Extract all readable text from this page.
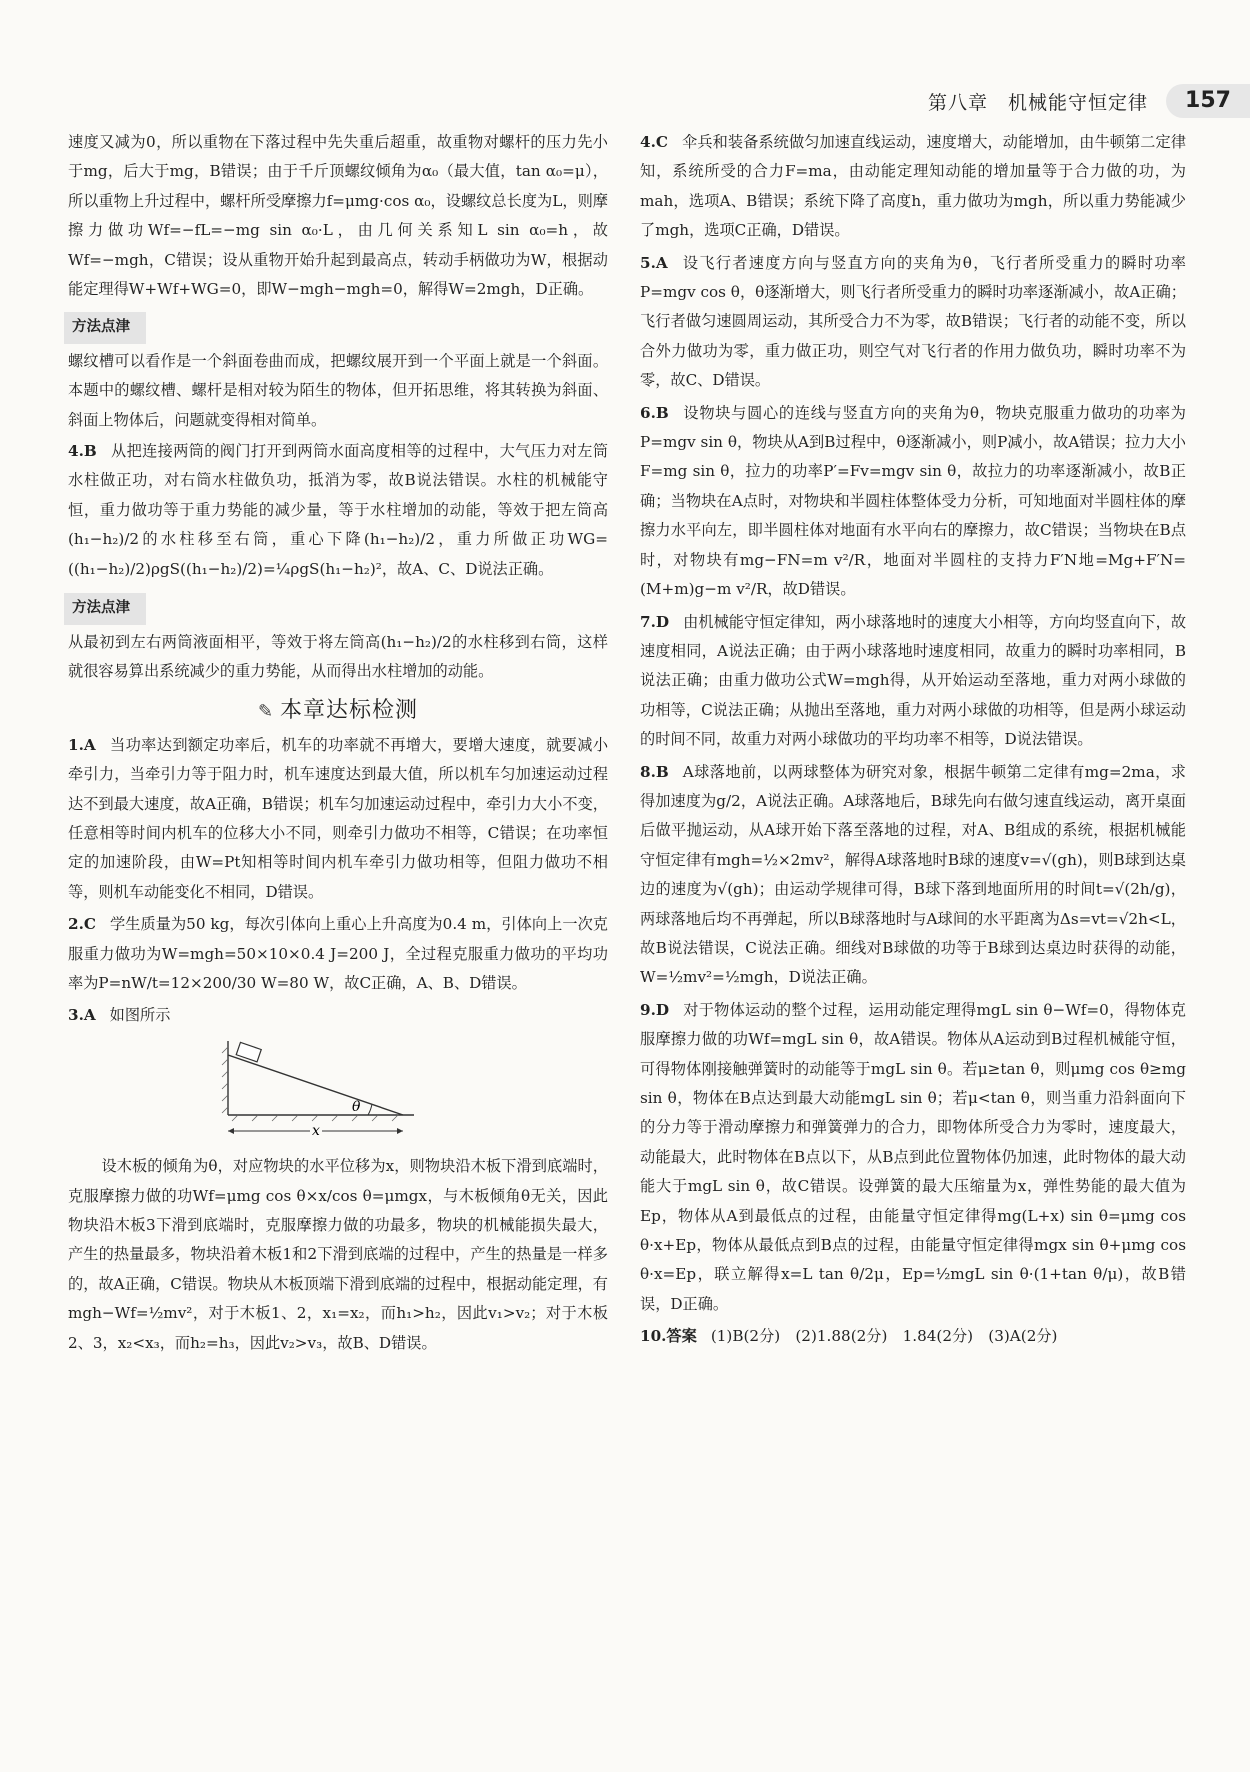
第八章　机械能守恒定律	157

速度又减为0，所以重物在下落过程中先失重后超重，故重物对螺杆的压力先小于mg，后大于mg，B错误；由于千斤顶螺纹倾角为α₀（最大值，tan α₀=μ），所以重物上升过程中，螺杆所受摩擦力f=μmg·cos α₀，设螺纹总长度为L，则摩擦力做功Wf=−fL=−mg sin α₀·L，由几何关系知L sin α₀=h，故Wf=−mgh，C错误；设从重物开始升起到最高点，转动手柄做功为W，根据动能定理得W+Wf+WG=0，即W−mgh−mgh=0，解得W=2mgh，D正确。

方法点津

螺纹槽可以看作是一个斜面卷曲而成，把螺纹展开到一个平面上就是一个斜面。本题中的螺纹槽、螺杆是相对较为陌生的物体，但开拓思维，将其转换为斜面、斜面上物体后，问题就变得相对简单。

4.B 从把连接两筒的阀门打开到两筒水面高度相等的过程中，大气压力对左筒水柱做正功，对右筒水柱做负功，抵消为零，故B说法错误。水柱的机械能守恒，重力做功等于重力势能的减少量，等于水柱增加的动能，等效于把左筒高(h₁−h₂)/2的水柱移至右筒，重心下降(h₁−h₂)/2，重力所做正功WG=((h₁−h₂)/2)ρgS((h₁−h₂)/2)=¼ρgS(h₁−h₂)²，故A、C、D说法正确。

方法点津

从最初到左右两筒液面相平，等效于将左筒高(h₁−h₂)/2的水柱移到右筒，这样就很容易算出系统减少的重力势能，从而得出水柱增加的动能。

✎ 本章达标检测

1.A 当功率达到额定功率后，机车的功率就不再增大，要增大速度，就要减小牵引力，当牵引力等于阻力时，机车速度达到最大值，所以机车匀加速运动过程达不到最大速度，故A正确，B错误；机车匀加速运动过程中，牵引力大小不变，任意相等时间内机车的位移大小不同，则牵引力做功不相等，C错误；在功率恒定的加速阶段，由W=Pt知相等时间内机车牵引力做功相等，但阻力做功不相等，则机车动能变化不相同，D错误。

2.C 学生质量为50 kg，每次引体向上重心上升高度为0.4 m，引体向上一次克服重力做功为W=mgh=50×10×0.4 J=200 J，全过程克服重力做功的平均功率为P=nW/t=12×200/30 W=80 W，故C正确，A、B、D错误。

3.A 如图所示

θ
x

设木板的倾角为θ，对应物块的水平位移为x，则物块沿木板下滑到底端时，克服摩擦力做的功Wf=μmg cos θ×x/cos θ=μmgx，与木板倾角θ无关，因此物块沿木板3下滑到底端时，克服摩擦力做的功最多，物块的机械能损失最大，产生的热量最多，物块沿着木板1和2下滑到底端的过程中，产生的热量是一样多的，故A正确，C错误。物块从木板顶端下滑到底端的过程中，根据动能定理，有mgh−Wf=½mv²，对于木板1、2，x₁=x₂，而h₁>h₂，因此v₁>v₂；对于木板2、3，x₂<x₃，而h₂=h₃，因此v₂>v₃，故B、D错误。

4.C 伞兵和装备系统做匀加速直线运动，速度增大，动能增加，由牛顿第二定律知，系统所受的合力F=ma，由动能定理知动能的增加量等于合力做的功，为mah，选项A、B错误；系统下降了高度h，重力做功为mgh，所以重力势能减少了mgh，选项C正确，D错误。

5.A 设飞行者速度方向与竖直方向的夹角为θ，飞行者所受重力的瞬时功率P=mgv cos θ，θ逐渐增大，则飞行者所受重力的瞬时功率逐渐减小，故A正确；飞行者做匀速圆周运动，其所受合力不为零，故B错误；飞行者的动能不变，所以合外力做功为零，重力做正功，则空气对飞行者的作用力做负功，瞬时功率不为零，故C、D错误。

6.B 设物块与圆心的连线与竖直方向的夹角为θ，物块克服重力做功的功率为P=mgv sin θ，物块从A到B过程中，θ逐渐减小，则P减小，故A错误；拉力大小F=mg sin θ，拉力的功率P′=Fv=mgv sin θ，故拉力的功率逐渐减小，故B正确；当物块在A点时，对物块和半圆柱体整体受力分析，可知地面对半圆柱体的摩擦力水平向左，即半圆柱体对地面有水平向右的摩擦力，故C错误；当物块在B点时，对物块有mg−FN=m v²/R，地面对半圆柱的支持力F′N地=Mg+F′N=(M+m)g−m v²/R，故D错误。

7.D 由机械能守恒定律知，两小球落地时的速度大小相等，方向均竖直向下，故速度相同，A说法正确；由于两小球落地时速度相同，故重力的瞬时功率相同，B说法正确；由重力做功公式W=mgh得，从开始运动至落地，重力对两小球做的功相等，C说法正确；从抛出至落地，重力对两小球做的功相等，但是两小球运动的时间不同，故重力对两小球做功的平均功率不相等，D说法错误。

8.B A球落地前，以两球整体为研究对象，根据牛顿第二定律有mg=2ma，求得加速度为g/2，A说法正确。A球落地后，B球先向右做匀速直线运动，离开桌面后做平抛运动，从A球开始下落至落地的过程，对A、B组成的系统，根据机械能守恒定律有mgh=½×2mv²，解得A球落地时B球的速度v=√(gh)，则B球到达桌边的速度为√(gh)；由运动学规律可得，B球下落到地面所用的时间t=√(2h/g)，两球落地后均不再弹起，所以B球落地时与A球间的水平距离为Δs=vt=√2h<L，故B说法错误，C说法正确。细线对B球做的功等于B球到达桌边时获得的动能，W=½mv²=½mgh，D说法正确。

9.D 对于物体运动的整个过程，运用动能定理得mgL sin θ−Wf=0，得物体克服摩擦力做的功Wf=mgL sin θ，故A错误。物体从A运动到B过程机械能守恒，可得物体刚接触弹簧时的动能等于mgL sin θ。若μ≥tan θ，则μmg cos θ≥mg sin θ，物体在B点达到最大动能mgL sin θ；若μ<tan θ，则当重力沿斜面向下的分力等于滑动摩擦力和弹簧弹力的合力，即物体所受合力为零时，速度最大，动能最大，此时物体在B点以下，从B点到此位置物体仍加速，此时物体的最大动能大于mgL sin θ，故C错误。设弹簧的最大压缩量为x，弹性势能的最大值为Ep，物体从A到最低点的过程，由能量守恒定律得mg(L+x) sin θ=μmg cos θ·x+Ep，物体从最低点到B点的过程，由能量守恒定律得mgx sin θ+μmg cos θ·x=Ep，联立解得x=L tan θ/2μ，Ep=½mgL sin θ·(1+tan θ/μ)，故B错误，D正确。

10.答案 (1)B(2分)　(2)1.88(2分)　1.84(2分)　(3)A(2分)
